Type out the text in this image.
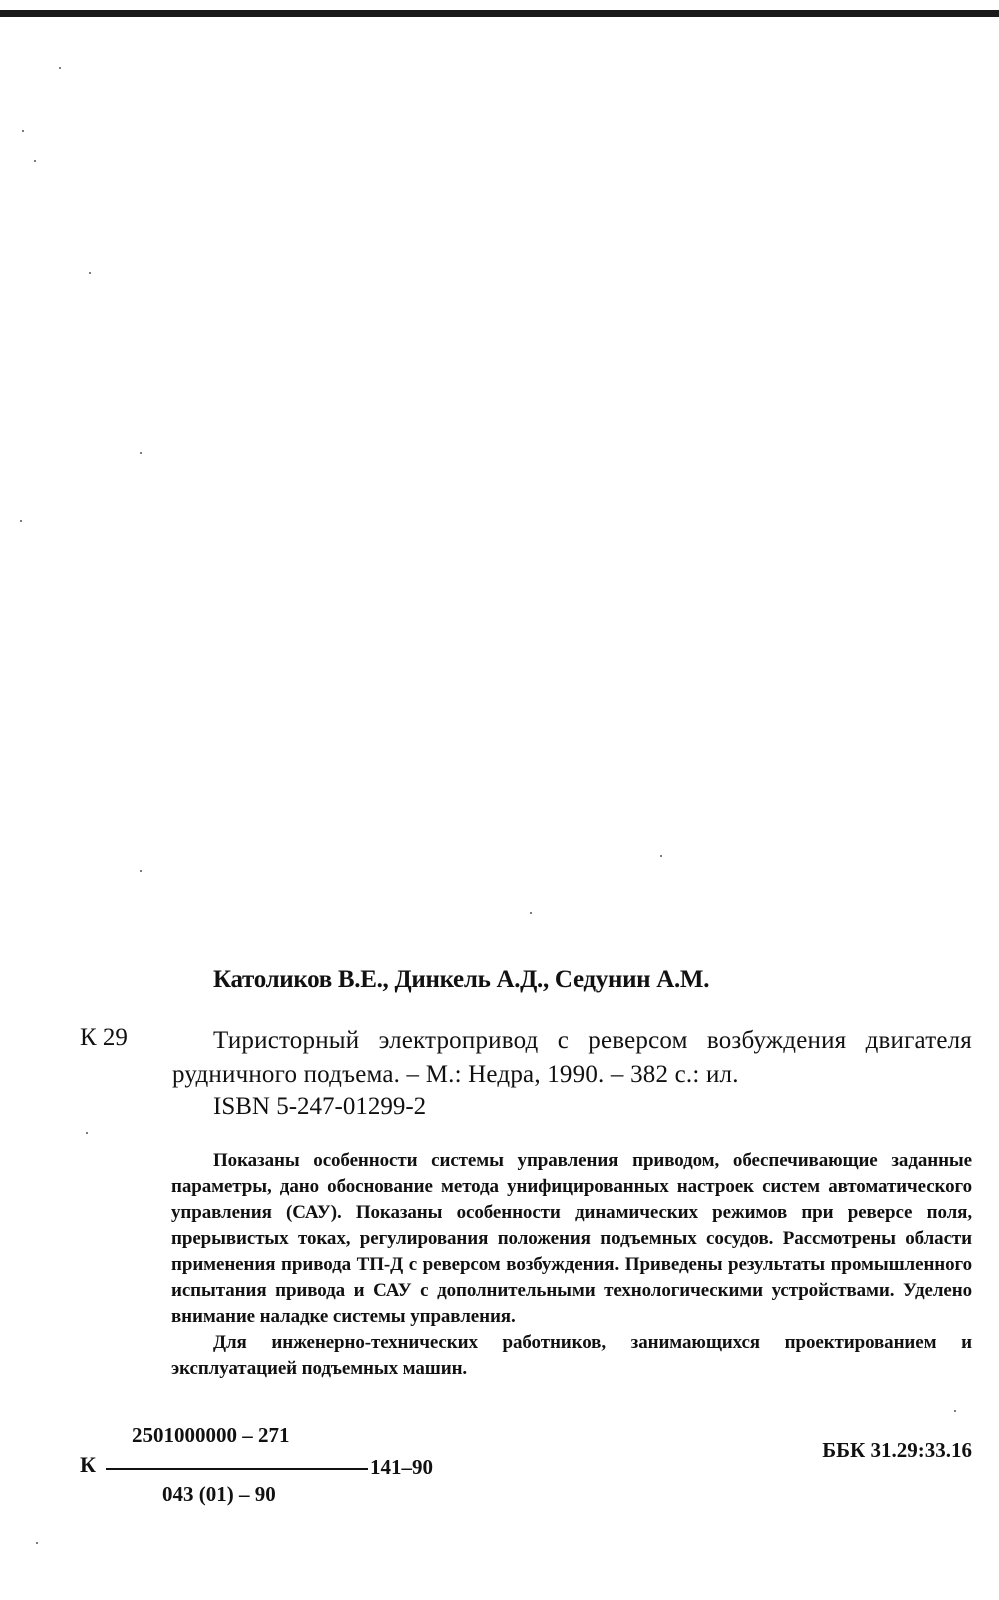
Католиков В.Е., Динкель А.Д., Седунин А.М.
К 29	Тиристорный электропривод с реверсом возбуждения двигателя рудничного подъема. – М.: Недра, 1990. – 382 с.: ил.
ISBN 5-247-01299-2

Показаны особенности системы управления приводом, обеспечивающие заданные параметры, дано обоснование метода унифицированных настроек систем автоматического управления (САУ). Показаны особенности динамических режимов при реверсе поля, прерывистых токах, регулирования положения подъемных сосудов. Рассмотрены области применения привода ТП-Д с реверсом возбуждения. Приведены результаты промышленного испытания привода и САУ с дополнительными технологическими устройствами. Уделено внимание наладке системы управления.

Для инженерно-технических работников, занимающихся проектированием и эксплуатацией подъемных машин.

К
2501000000 – 271
043 (01) – 90
141–90
ББК 31.29:33.16
